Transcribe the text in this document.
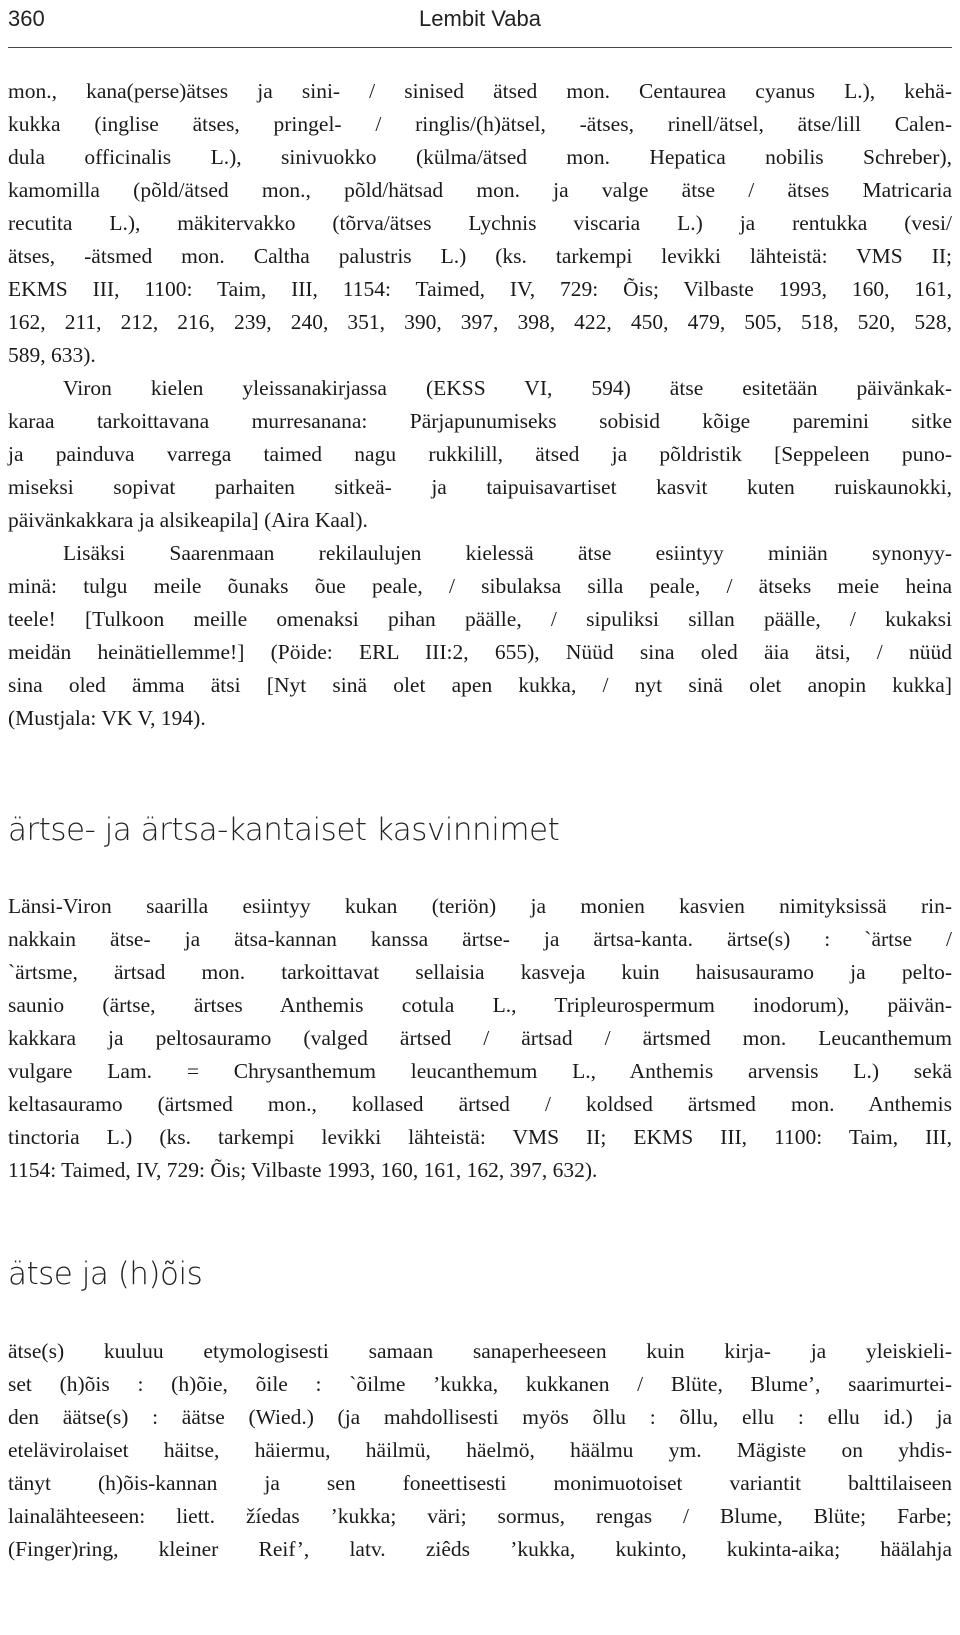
360	Lembit Vaba
mon., kana(perse)ätses ja sini- / sinised ätsed mon. Centaurea cyanus L.), kehä-
kukka (inglise ätses, pringel- / ringlis/(h)ätsel, -ätses, rinell/ätsel, ätse/lill Calen-
dula officinalis L.), sinivuokko (külma/ätsed mon. Hepatica nobilis Schreber),
kamomilla (põld/ätsed mon., põld/hätsad mon. ja valge ätse / ätses Matricaria
recutita L.), mäkitervakko (tõrva/ätses Lychnis viscaria L.) ja rentukka (vesi/
ätses, -ätsmed mon. Caltha palustris L.) (ks. tarkempi levikki lähteistä: VMS II;
EKMS III, 1100: Taim, III, 1154: Taimed, IV, 729: Õis; Vilbaste 1993, 160, 161,
162, 211, 212, 216, 239, 240, 351, 390, 397, 398, 422, 450, 479, 505, 518, 520, 528,
589, 633).
Viron kielen yleissanakirjassa (EKSS VI, 594) ätse esitetään päivänkak-
karaa tarkoittavana murresanana: Pärjapunumiseks sobisid kõige paremini sitke
ja painduva varrega taimed nagu rukkilill, ätsed ja põldristik [Seppeleen puno-
miseksi sopivat parhaiten sitkeä- ja taipuisavartiset kasvit kuten ruiskaunokki,
päivänkakkara ja alsikeapila] (Aira Kaal).
Lisäksi Saarenmaan rekilaulujen kielessä ätse esiintyy miniän synonyy-
minä: tulgu meile õunaks õue peale, / sibulaksa silla peale, / ätseks meie heina
teele! [Tulkoon meille omenaksi pihan päälle, / sipuliksi sillan päälle, / kukaksi
meidän heinätiellemme!] (Pöide: ERL III:2, 655), Nüüd sina oled äia ätsi, / nüüd
sina oled ämma ätsi [Nyt sinä olet apen kukka, / nyt sinä olet anopin kukka]
(Mustjala: VK V, 194).
ärtse- ja ärtsa-kantaiset kasvinnimet
Länsi-Viron saarilla esiintyy kukan (teriön) ja monien kasvien nimityksissä rin-
nakkain ätse- ja ätsa-kannan kanssa ärtse- ja ärtsa-kanta. ärtse(s) : `ärtse /
`ärtsme, ärtsad mon. tarkoittavat sellaisia kasveja kuin haisusauramo ja pelto-
saunio (ärtse, ärtses Anthemis cotula L., Tripleurospermum inodorum), päivän-
kakkara ja peltosauramo (valged ärtsed / ärtsad / ärtsmed mon. Leucanthemum
vulgare Lam. = Chrysanthemum leucanthemum L., Anthemis arvensis L.) sekä
keltasauramo (ärtsmed mon., kollased ärtsed / koldsed ärtsmed mon. Anthemis
tinctoria L.) (ks. tarkempi levikki lähteistä: VMS II; EKMS III, 1100: Taim, III,
1154: Taimed, IV, 729: Õis; Vilbaste 1993, 160, 161, 162, 397, 632).
ätse ja (h)õis
ätse(s) kuuluu etymologisesti samaan sanaperheeseen kuin kirja- ja yleiskieli-
set (h)õis : (h)õie, õile : `õilme ’kukka, kukkanen / Blüte, Blume’, saarimurtei-
den äätse(s) : äätse (Wied.) (ja mahdollisesti myös õllu : õllu, ellu : ellu id.) ja
etelävirolaiset häitse, häiermu, häilmü, häelmö, häälmu ym. Mägiste on yhdis-
tänyt (h)õis-kannan ja sen foneettisesti monimuotoiset variantit balttilaiseen
lainalähteeseen: liett. žíedas ’kukka; väri; sormus, rengas / Blume, Blüte; Farbe;
(Finger)ring, kleiner Reif’, latv. ziêds ’kukka, kukinto, kukinta-aika; häälahja
